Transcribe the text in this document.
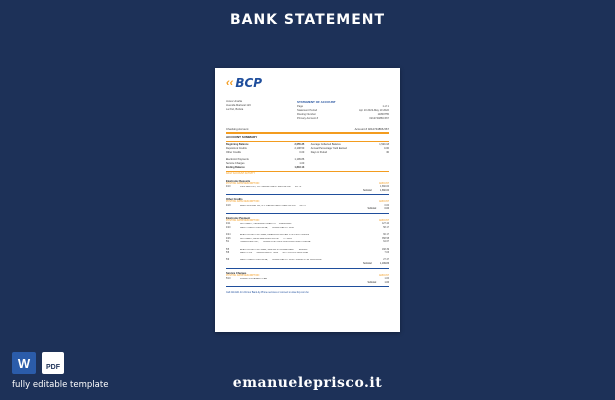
BANK STATEMENT
‹‹ BCP
Jones Umaña
Avenida Mariscal 123
La Paz, Bolivia
STATEMENT OF ACCOUNT
Page	1 of 1
Statement Period	Apr 10 2022-May 10 2022
Routing Number	11800755
Primary Account #	0212744866-567
Checking Account	Account # 0212744866-567
ACCOUNT SUMMARY
Beginning Balance	2,055.35
Deposits & Credits	2,108.50
Other Credits	0.00

Electronic Payments	1,199.86
Service Charges	1.00
Ending Balance	1,818.13
Average Collected Balance	1,520.18
Annual Percentage Yield Earned	0.00
Days in Period	30
DAILY ACCOUNT ACTIVITY
Electronic Deposits
POSTING DATE DESCRIPTION	AMOUNT
4/10	1421 DEPOSIT, N.J. DEPARTMENT RENTAL AST ***30772	1,660.00
Subtotal:	1,660.00
Other Credits
POSTING DATE DESCRIPTION	AMOUNT
4/18	ZERO DOLLAR CR, N.J. DEPARTMENT RENTAL AST ***30772	0.00
Subtotal:	0.00
Electronic Payment
POSTING DATE DESCRIPTION	AMOUNT
4/11	ACH DEBIT, TERMINAL CREDITS ***1898484441	127.44
4/20	DEBIT CARD PURCHASE, ****461182 DEPOT 3030	58.17

4/24	ELECTRONIC PMT-WEB, AMERICAN WATER UTIL PMNT 000009	66.17
4/26	ACH DEBIT, LENA SERVICES PAYMT ***7771981	358.58
5/1	TELECOMM PMT, ****461182 AT&T BILL 3030 BUZA NORTHRIDGE	64.67

5/5	ELECTRONIC PMT-WEB, SIMPLE STORAGE RENT ****9838411	168.39
5/8	DEBIT POS ****461182 DEPOT 3030 ****30774 DON PURCHASE	7.06

5/9	DEBIT CARD PURCHASE, ****461182 DEPOT 3030 / 008000 1794 CIRCULAR	27.47
Subtotal:	1,199.86
Service Charges
POSTING DATE DESCRIPTION	AMOUNT
5/10	PAPER STATEMENT FEE	1.00
Subtotal:	1.00
Call 2114141 for 24-hour Bank-by-Phone services or connect to www.bcp.com.bo
W	PDF
fully editable template	emanueleprisco.it
